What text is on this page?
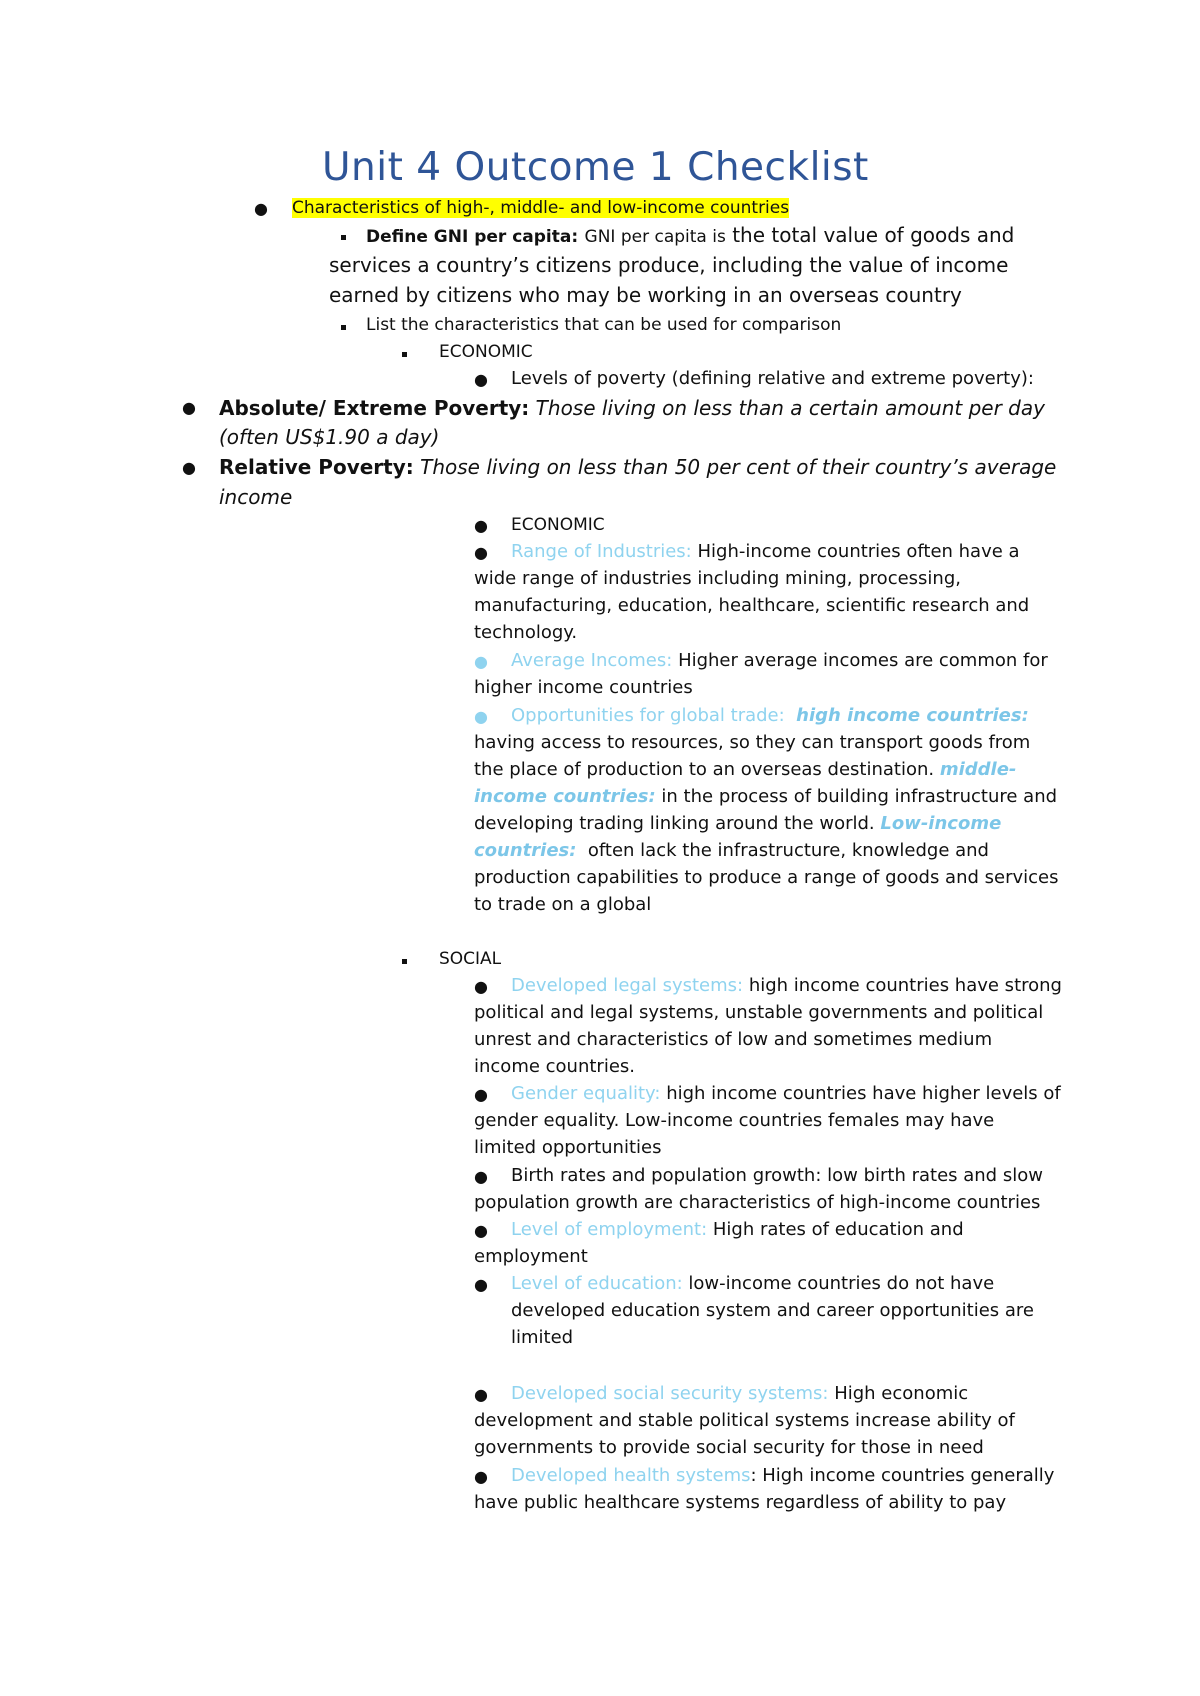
Unit 4 Outcome 1 Checklist
● Characteristics of high-, middle- and low-income countries
Define GNI per capita: GNI per capita is the total value of goods and
services a country’s citizens produce, including the value of income
earned by citizens who may be working in an overseas country
List the characteristics that can be used for comparison
ECONOMIC
● Levels of poverty (defining relative and extreme poverty):
● Absolute/ Extreme Poverty: Those living on less than a certain amount per day
(often US$1.90 a day)
● Relative Poverty: Those living on less than 50 per cent of their country’s average
income
● ECONOMIC
● Range of Industries: High-income countries often have a
wide range of industries including mining, processing,
manufacturing, education, healthcare, scientific research and
technology.
● Average Incomes: Higher average incomes are common for
higher income countries
● Opportunities for global trade: high income countries:
having access to resources, so they can transport goods from
the place of production to an overseas destination. middle-
income countries: in the process of building infrastructure and
developing trading linking around the world. Low-income
countries: often lack the infrastructure, knowledge and
production capabilities to produce a range of goods and services
to trade on a global
SOCIAL
● Developed legal systems: high income countries have strong
political and legal systems, unstable governments and political
unrest and characteristics of low and sometimes medium
income countries.
● Gender equality: high income countries have higher levels of
gender equality. Low-income countries females may have
limited opportunities
● Birth rates and population growth: low birth rates and slow
population growth are characteristics of high-income countries
● Level of employment: High rates of education and
employment
● Level of education: low-income countries do not have
developed education system and career opportunities are
limited
● Developed social security systems: High economic
development and stable political systems increase ability of
governments to provide social security for those in need
● Developed health systems: High income countries generally
have public healthcare systems regardless of ability to pay
